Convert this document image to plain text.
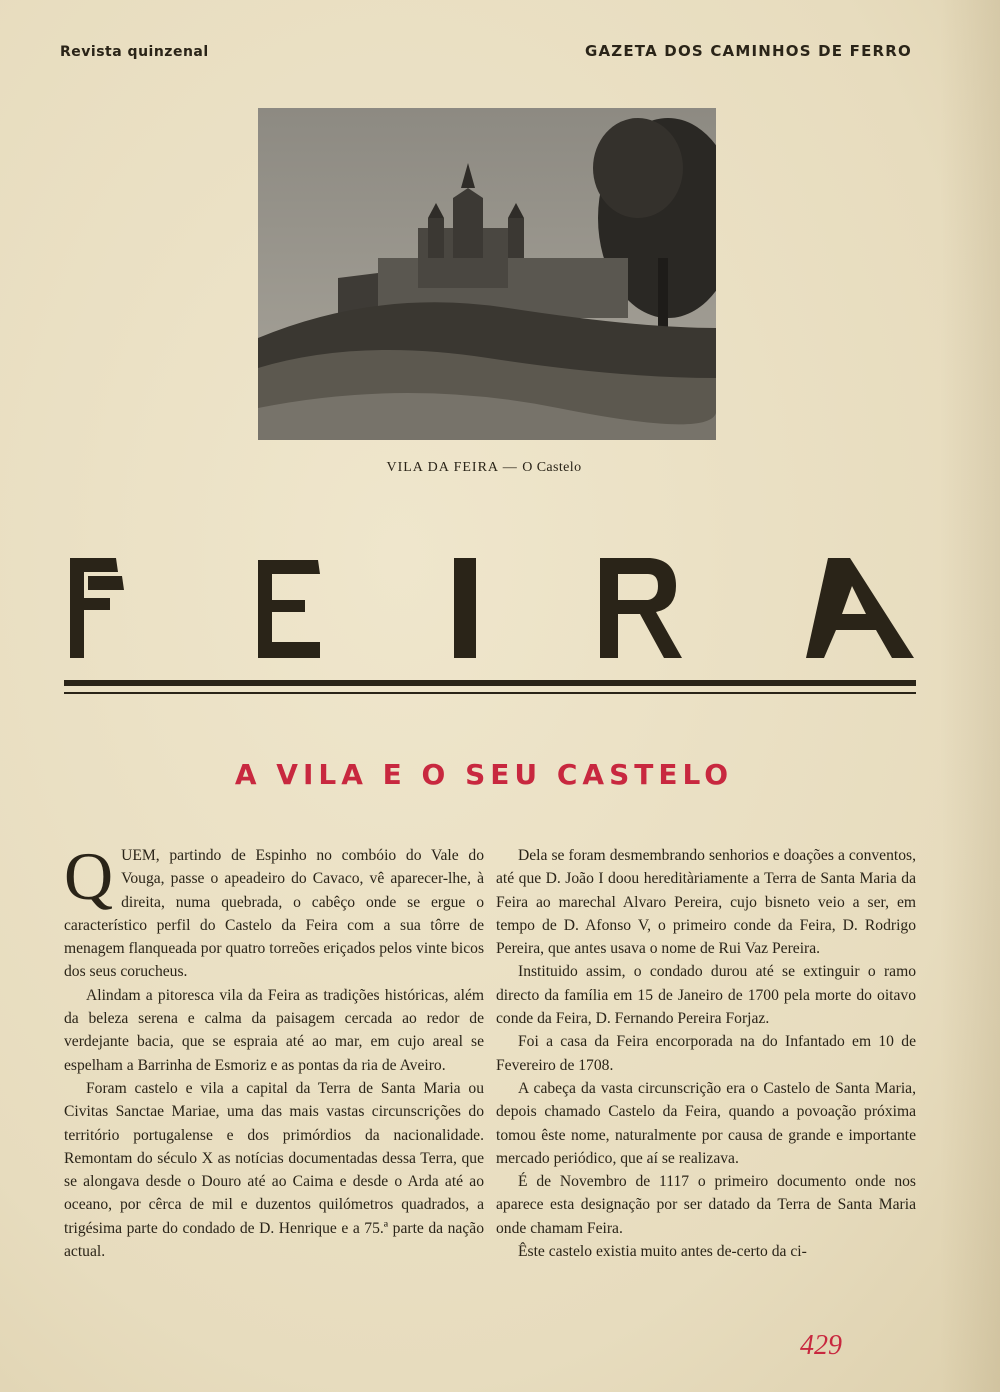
Revista quinzenal	GAZETA DOS CAMINHOS DE FERRO
VILA DA FEIRA — O Castelo
A VILA E O SEU CASTELO
Q UEM, partindo de Espinho no combóio do Vale do Vouga, passe o apeadeiro do Cavaco, vê aparecer-lhe, à direita, numa quebrada, o cabêço onde se ergue o característico perfil do Castelo da Feira com a sua tôrre de menagem flanqueada por quatro torreões eriçados pelos vinte bicos dos seus corucheus.

Alindam a pitoresca vila da Feira as tradições históricas, além da beleza serena e calma da paisagem cercada ao redor de verdejante bacia, que se espraia até ao mar, em cujo areal se espelham a Barrinha de Esmoriz e as pontas da ria de Aveiro.

Foram castelo e vila a capital da Terra de Santa Maria ou Civitas Sanctae Mariae, uma das mais vastas circunscrições do território portugalense e dos primórdios da nacionalidade. Remontam do século X as notícias documentadas dessa Terra, que se alongava desde o Douro até ao Caima e desde o Arda até ao oceano, por cêrca de mil e duzentos quilómetros quadrados, a trigésima parte do condado de D. Henrique e a 75.ª parte da nação actual.

Dela se foram desmembrando senhorios e doações a conventos, até que D. João I doou hereditàriamente a Terra de Santa Maria da Feira ao marechal Alvaro Pereira, cujo bisneto veio a ser, em tempo de D. Afonso V, o primeiro conde da Feira, D. Rodrigo Pereira, que antes usava o nome de Rui Vaz Pereira.

Instituido assim, o condado durou até se extinguir o ramo directo da família em 15 de Janeiro de 1700 pela morte do oitavo conde da Feira, D. Fernando Pereira Forjaz.

Foi a casa da Feira encorporada na do Infantado em 10 de Fevereiro de 1708.

A cabeça da vasta circunscrição era o Castelo de Santa Maria, depois chamado Castelo da Feira, quando a povoação próxima tomou êste nome, naturalmente por causa de grande e importante mercado periódico, que aí se realizava.

É de Novembro de 1117 o primeiro documento onde nos aparece esta designação por ser datado da Terra de Santa Maria onde chamam Feira.

Êste castelo existia muito antes de-certo da ci-

429
